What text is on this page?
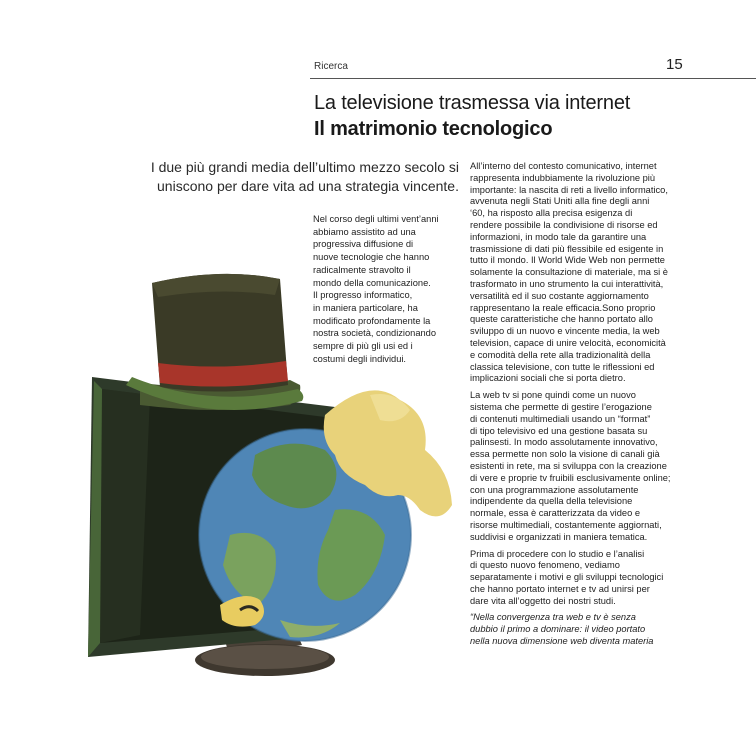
Ricerca	15
La televisione trasmessa via internet
Il matrimonio tecnologico
I due più grandi media dell’ultimo mezzo secolo si
uniscono per dare vita ad una strategia vincente.
Nel corso degli ultimi vent’anni
abbiamo assistito ad una
progressiva diffusione di
nuove tecnologie che hanno
radicalmente stravolto il
mondo della comunicazione.
Il progresso informatico,
in maniera particolare, ha
modificato profondamente la
nostra società, condizionando
sempre di più gli usi ed i
costumi degli individui.
All’interno del contesto comunicativo, internet
rappresenta indubbiamente la rivoluzione più
importante: la nascita di reti a livello informatico,
avvenuta negli Stati Uniti alla fine degli anni
‘60, ha risposto alla precisa esigenza di
rendere possibile la condivisione di risorse ed
informazioni, in modo tale da garantire una
trasmissione di dati più flessibile ed esigente in
tutto il mondo. Il World Wide Web non permette
solamente la consultazione di materiale, ma si è
trasformato in uno strumento la cui interattività,
versatilità ed il suo costante aggiornamento
rappresentano la reale efficacia.Sono proprio
queste caratteristiche che hanno portato allo
sviluppo di un nuovo e vincente media, la web
television, capace di unire velocità, economicità
e comodità della rete alla tradizionalità della
classica televisione, con tutte le riflessioni ed
implicazioni sociali che si porta dietro.
La web tv si pone quindi come un nuovo
sistema che permette di gestire l’erogazione
di contenuti multimediali usando un “format”
di tipo televisivo ed una gestione basata su
palinsesti. In modo assolutamente innovativo,
essa permette non solo la visione di canali già
esistenti in rete, ma si sviluppa con la creazione
di vere e proprie tv fruibili esclusivamente online;
con una programmazione assolutamente
indipendente da quella della televisione
normale, essa è caratterizzata da video e
risorse multimediali, costantemente aggiornati,
suddivisi e organizzati in maniera tematica.
Prima di procedere con lo studio e l’analisi
di questo nuovo fenomeno, vediamo
separatamente i motivi e gli sviluppi tecnologici
che hanno portato internet e tv ad unirsi per
dare vita all’oggetto dei nostri studi.
“Nella convergenza tra web e tv è senza
dubbio il primo a dominare: il video portato
nella nuova dimensione web diventa materia
